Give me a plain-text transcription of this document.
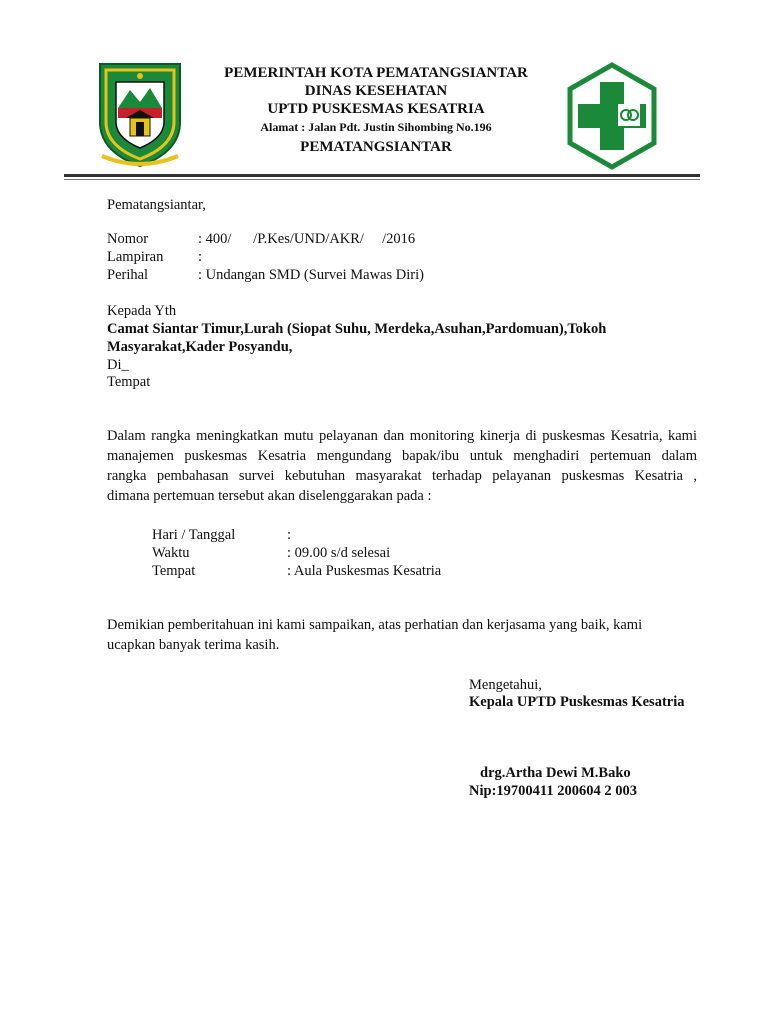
PEMERINTAH KOTA PEMATANGSIANTAR
DINAS KESEHATAN
UPTD PUSKESMAS KESATRIA
Alamat : Jalan Pdt. Justin Sihombing No.196
PEMATANGSIANTAR
Pematangsiantar,
Nomor	: 400/      /P.Kes/UND/AKR/     /2016
Lampiran :
Perihal	: Undangan SMD (Survei Mawas Diri)
Kepada Yth
Camat Siantar Timur,Lurah (Siopat Suhu, Merdeka,Asuhan,Pardomuan),Tokoh
Masyarakat,Kader Posyandu,
Di_
Tempat
Dalam rangka meningkatkan mutu pelayanan dan monitoring kinerja di puskesmas Kesatria, kami
manajemen puskesmas Kesatria mengundang bapak/ibu untuk menghadiri pertemuan dalam
rangka pembahasan survei kebutuhan masyarakat terhadap pelayanan puskesmas Kesatria ,
dimana pertemuan tersebut akan diselenggarakan pada :
Hari / Tanggal	:
Waktu	: 09.00 s/d selesai
Tempat	: Aula Puskesmas Kesatria
Demikian pemberitahuan ini kami sampaikan, atas perhatian dan kerjasama yang baik, kami
ucapkan banyak terima kasih.
Mengetahui,
Kepala UPTD Puskesmas Kesatria
drg.Artha Dewi M.Bako
Nip:19700411 200604 2 003
